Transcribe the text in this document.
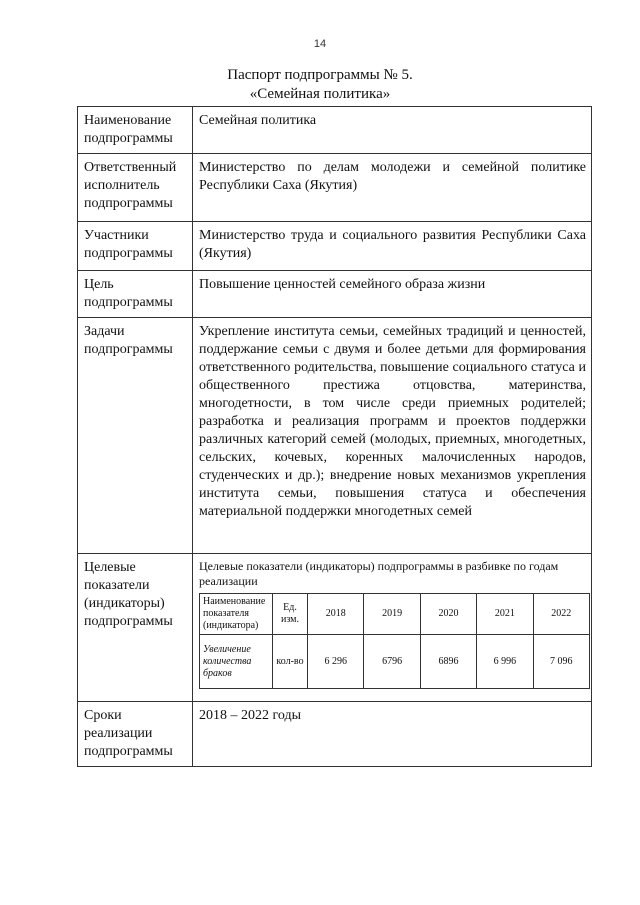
14
Паспорт подпрограммы № 5.
«Семейная политика»
Наименование подпрограммы	Семейная политика
Ответственный исполнитель подпрограммы	Министерство по делам молодежи и семейной политике Республики Саха (Якутия)
Участники подпрограммы	Министерство труда и социального развития Республики Саха (Якутия)
Цель подпрограммы	Повышение ценностей семейного образа жизни
Задачи подпрограммы	Укрепление института семьи, семейных традиций и ценностей, поддержание семьи с двумя и более детьми для формирования ответственного родительства, повышение социального статуса и общественного престижа отцовства, материнства, многодетности, в том числе среди приемных родителей; разработка и реализация программ и проектов поддержки различных категорий семей (молодых, приемных, многодетных, сельских, кочевых, коренных малочисленных народов, студенческих и др.); внедрение новых механизмов укрепления института семьи, повышения статуса и обеспечения материальной поддержки многодетных семей
Целевые показатели (индикаторы) подпрограммы	
Целевые показатели (индикаторы) подпрограммы в разбивке по годам реализации
Наименование показателя (индикатора)	Ед. изм.	2018	2019	2020	2021	2022
Увеличение количества браков	кол-во	6 296	6796	6896	6 996	7 096

Сроки реализации подпрограммы	2018 – 2022 годы
